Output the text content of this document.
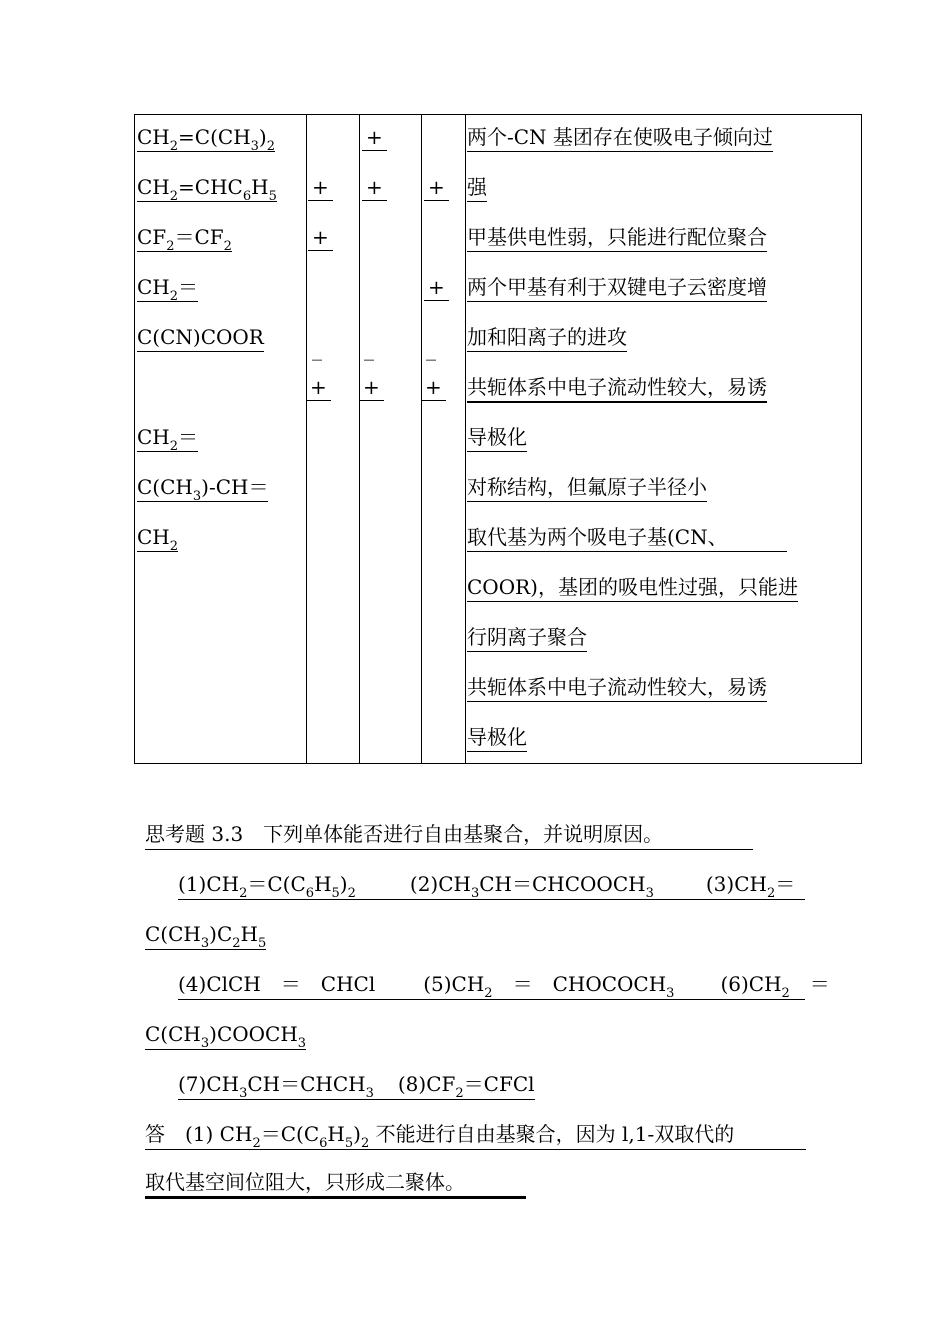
$CH_2=C(CH_3)_2$
$CH_2=CHC_6H_5$
$CF_2=CF_2$
$CH_2=$
C(CN)COOR
$CH_2=$
$C(CH_3)-CH=$
$CH_2$
+
+
_
+
+
+
_
+
+
+
_
+
两个-CN 基团存在使吸电子倾向过
强
甲基供电性弱，只能进行配位聚合
两个甲基有利于双键电子云密度增
加和阳离子的进攻
共轭体系中电子流动性较大，易诱
导极化
对称结构，但氟原子半径小
取代基为两个吸电子基(CN、
COOR)，基团的吸电性过强，只能进
行阴离子聚合
共轭体系中电子流动性较大，易诱
导极化
思考题 3.3　下列单体能否进行自由基聚合，并说明原因。
$(1)CH_2=C(C_6H_5)_2$	$(2)CH_3CH=CHCOOCH_3$	$(3)CH_2=$
$C(CH_3)C_2H_5$
(4)ClCH　＝　CHCl $(5)CH_2$　＝　$CHOCOCH_3$ $(6)CH_2$　＝
$C(CH_3)COOCH_3$
$(7)CH_3CH=CHCH_3$ $(8)CF_2=CFCl$
答　(1) $CH_2=C(C_6H_5)_2$ 不能进行自由基聚合，因为 l,1-双取代的
取代基空间位阻大，只形成二聚体。
